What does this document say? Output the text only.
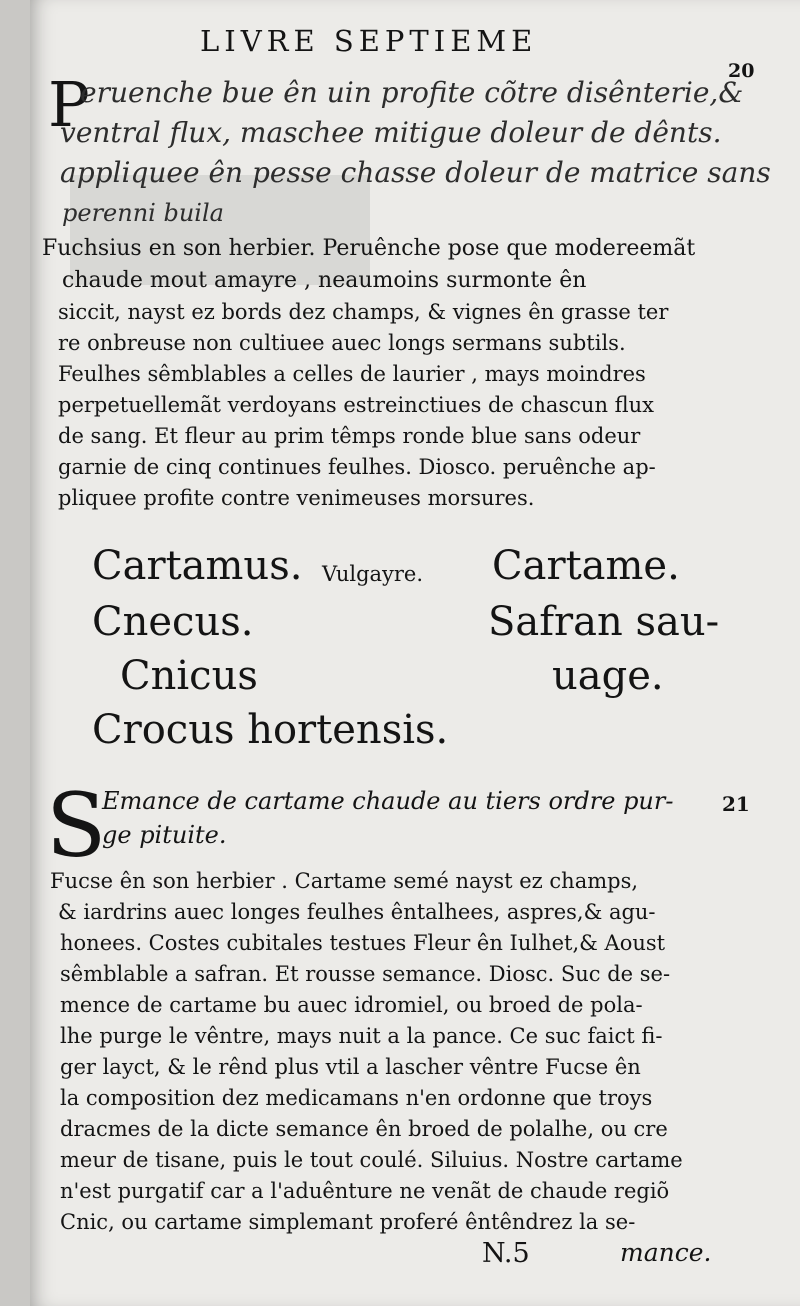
LIVRE SEPTIEME
20
P
eruenche bue ên uin profite cõtre disênterie,&
ventral flux, maschee mitigue doleur de dênts.
appliquee ên pesse chasse doleur de matrice sans
perenni buila
Fuchsius en son herbier. Peruênche pose que modereemãt
chaude mout amayre , neaumoins surmonte ên
siccit, nayst ez bords dez champs, & vignes ên grasse ter
re onbreuse non cultiuee auec longs sermans subtils.
Feulhes sêmblables a celles de laurier , mays moindres
perpetuellemãt verdoyans estreinctiues de chascun flux
de sang. Et fleur au prim têmps ronde blue sans odeur
garnie de cinq continues feulhes. Diosco. peruênche ap-
pliquee profite contre venimeuses morsures.
Cartamus.
Cnecus.
Cnicus
Crocus hortensis.
Vulgayre. Cartame.
Safran sau-
uage.
S	21
Emance de cartame chaude au tiers ordre pur-
ge pituite.
Fucse ên son herbier . Cartame semé nayst ez champs,
& iardrins auec longes feulhes êntalhees, aspres,& agu-
honees. Costes cubitales testues Fleur ên Iulhet,& Aoust
sêmblable a safran. Et rousse semance. Diosc. Suc de se-
mence de cartame bu auec idromiel, ou broed de pola-
lhe purge le vêntre, mays nuit a la pance. Ce suc faict fi-
ger layct, & le rênd plus vtil a lascher vêntre Fucse ên
la composition dez medicamans n'en ordonne que troys
dracmes de la dicte semance ên broed de polalhe, ou cre
meur de tisane, puis le tout coulé. Siluius. Nostre cartame
n'est purgatif car a l'aduênture ne venãt de chaude regiõ
Cnic, ou cartame simplemant proferé êntêndrez la se-
N.5	mance.
